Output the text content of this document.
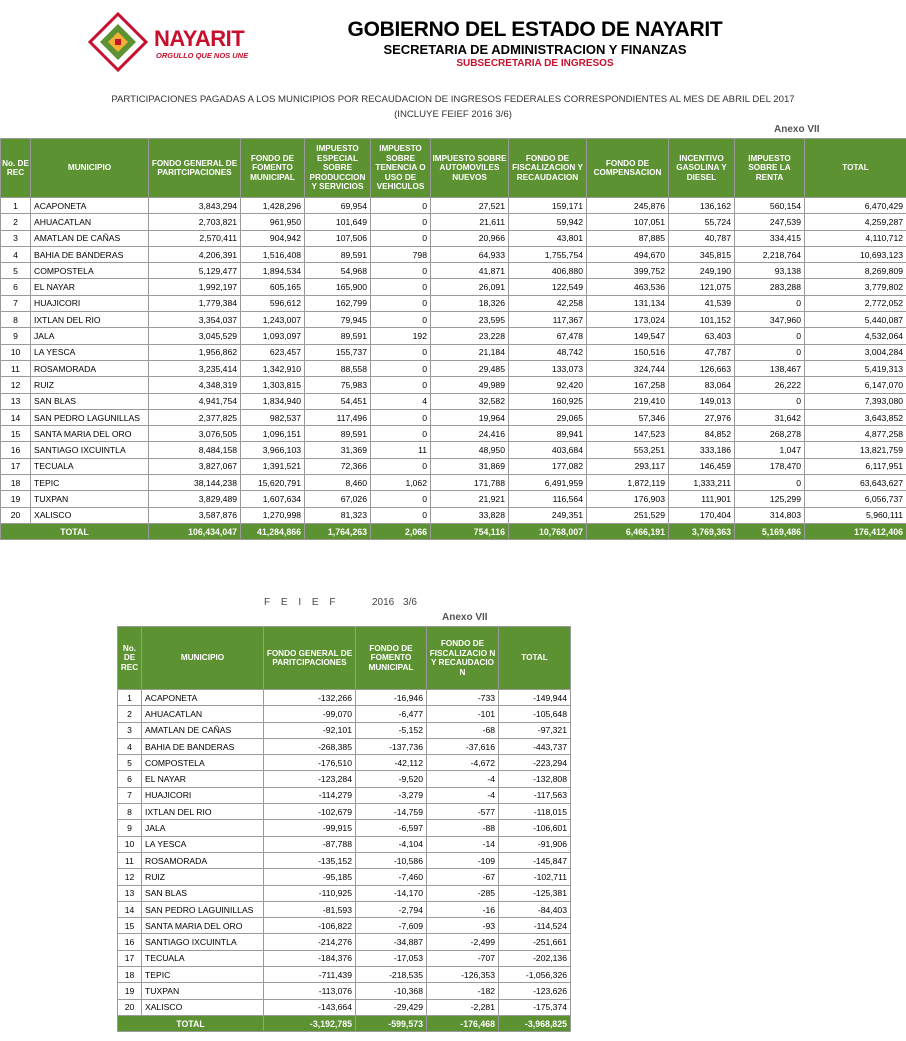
NAYARIT
ORGULLO QUE NOS UNE
GOBIERNO DEL ESTADO DE NAYARIT
SECRETARIA DE ADMINISTRACION Y FINANZAS
SUBSECRETARIA DE INGRESOS
PARTICIPACIONES PAGADAS A LOS MUNICIPIOS POR RECAUDACION DE INGRESOS FEDERALES CORRESPONDIENTES AL MES DE ABRIL DEL 2017
(INCLUYE FEIEF 2016 3/6)
Anexo VII
No. DE REC	MUNICIPIO	FONDO GENERAL DE PARITCIPACIONES	FONDO DE FOMENTO MUNICIPAL	IMPUESTO ESPECIAL SOBRE PRODUCCION Y SERVICIOS	IMPUESTO SOBRE TENENCIA O USO DE VEHICULOS	IMPUESTO SOBRE AUTOMOVILES NUEVOS	FONDO DE FISCALIZACION Y RECAUDACION	FONDO DE COMPENSACION	INCENTIVO GASOLINA Y DIESEL	IMPUESTO SOBRE LA RENTA	TOTAL
1	ACAPONETA	3,843,294	1,428,296	69,954	0	27,521	159,171	245,876	136,162	560,154	6,470,429
2	AHUACATLAN	2,703,821	961,950	101,649	0	21,611	59,942	107,051	55,724	247,539	4,259,287
3	AMATLAN DE CAÑAS	2,570,411	904,942	107,506	0	20,966	43,801	87,885	40,787	334,415	4,110,712
4	BAHIA DE BANDERAS	4,206,391	1,516,408	89,591	798	64,933	1,755,754	494,670	345,815	2,218,764	10,693,123
5	COMPOSTELA	5,129,477	1,894,534	54,968	0	41,871	406,880	399,752	249,190	93,138	8,269,809
6	EL NAYAR	1,992,197	605,165	165,900	0	26,091	122,549	463,536	121,075	283,288	3,779,802
7	HUAJICORI	1,779,384	596,612	162,799	0	18,326	42,258	131,134	41,539	0	2,772,052
8	IXTLAN DEL RIO	3,354,037	1,243,007	79,945	0	23,595	117,367	173,024	101,152	347,960	5,440,087
9	JALA	3,045,529	1,093,097	89,591	192	23,228	67,478	149,547	63,403	0	4,532,064
10	LA YESCA	1,956,862	623,457	155,737	0	21,184	48,742	150,516	47,787	0	3,004,284
11	ROSAMORADA	3,235,414	1,342,910	88,558	0	29,485	133,073	324,744	126,663	138,467	5,419,313
12	RUIZ	4,348,319	1,303,815	75,983	0	49,989	92,420	167,258	83,064	26,222	6,147,070
13	SAN BLAS	4,941,754	1,834,940	54,451	4	32,582	160,925	219,410	149,013	0	7,393,080
14	SAN PEDRO LAGUNILLAS	2,377,825	982,537	117,496	0	19,964	29,065	57,346	27,976	31,642	3,643,852
15	SANTA MARIA DEL ORO	3,076,505	1,096,151	89,591	0	24,416	89,941	147,523	84,852	268,278	4,877,258
16	SANTIAGO IXCUINTLA	8,484,158	3,966,103	31,369	11	48,950	403,684	553,251	333,186	1,047	13,821,759
17	TECUALA	3,827,067	1,391,521	72,366	0	31,869	177,082	293,117	146,459	178,470	6,117,951
18	TEPIC	38,144,238	15,620,791	8,460	1,062	171,788	6,491,959	1,872,119	1,333,211	0	63,643,627
19	TUXPAN	3,829,489	1,607,634	67,026	0	21,921	116,564	176,903	111,901	125,299	6,056,737
20	XALISCO	3,587,876	1,270,998	81,323	0	33,828	249,351	251,529	170,404	314,803	5,960,111
TOTAL		106,434,047	41,284,866	1,764,263	2,066	754,116	10,768,007	6,466,191	3,769,363	5,169,486	176,412,406
F E I E F	2016 3/6
Anexo VII
No. DE REC	MUNICIPIO	FONDO GENERAL DE PARITCIPACIONES	FONDO DE FOMENTO MUNICIPAL	FONDO DE FISCALIZACIO N Y RECAUDACIO N	TOTAL
1	ACAPONETA	-132,266	-16,946	-733	-149,944
2	AHUACATLAN	-99,070	-6,477	-101	-105,648
3	AMATLAN DE CAÑAS	-92,101	-5,152	-68	-97,321
4	BAHIA DE BANDERAS	-268,385	-137,736	-37,616	-443,737
5	COMPOSTELA	-176,510	-42,112	-4,672	-223,294
6	EL NAYAR	-123,284	-9,520	-4	-132,808
7	HUAJICORI	-114,279	-3,279	-4	-117,563
8	IXTLAN DEL RIO	-102,679	-14,759	-577	-118,015
9	JALA	-99,915	-6,597	-88	-106,601
10	LA YESCA	-87,788	-4,104	-14	-91,906
11	ROSAMORADA	-135,152	-10,586	-109	-145,847
12	RUIZ	-95,185	-7,460	-67	-102,711
13	SAN BLAS	-110,925	-14,170	-285	-125,381
14	SAN PEDRO LAGUINILLAS	-81,593	-2,794	-16	-84,403
15	SANTA MARIA DEL ORO	-106,822	-7,609	-93	-114,524
16	SANTIAGO IXCUINTLA	-214,276	-34,887	-2,499	-251,661
17	TECUALA	-184,376	-17,053	-707	-202,136
18	TEPIC	-711,439	-218,535	-126,353	-1,056,326
19	TUXPAN	-113,076	-10,368	-182	-123,626
20	XALISCO	-143,664	-29,429	-2,281	-175,374
TOTAL		-3,192,785	-599,573	-176,468	-3,968,825
